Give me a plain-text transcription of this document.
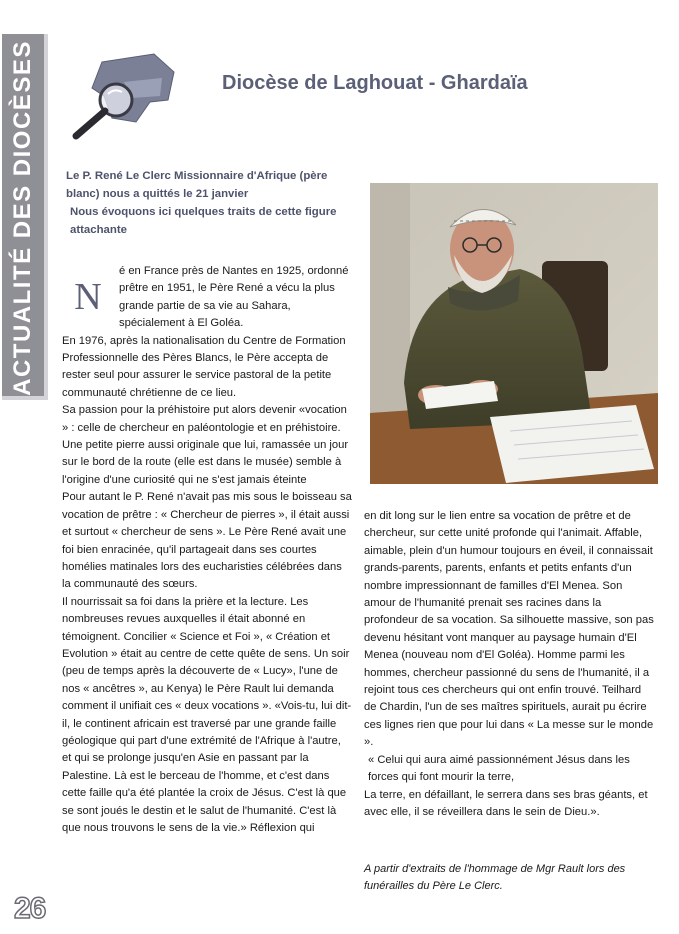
ACTUALITÉ DES DIOCÈSES	Diocèse de Laghouat - Ghardaïa

Le P. René Le Clerc Missionnaire d'Afrique (père blanc) nous a quittés le 21 janvier

Nous évoquons ici quelques traits de cette figure attachante

N

é en France près de Nantes en 1925, ordonné prêtre en 1951, le Père René a vécu la plus grande partie de sa vie au Sahara, spécialement à El Goléa.

En 1976, après la nationalisation du Centre de Formation Professionnelle des Pères Blancs, le Père accepta de rester seul pour assurer le service pastoral de la petite communauté chrétienne de ce lieu.

Sa passion pour la préhistoire put alors devenir «vocation » : celle de chercheur en paléontologie et en préhistoire. Une petite pierre aussi originale que lui, ramassée un jour sur le bord de la route (elle est dans le musée) semble à l'origine d'une curiosité qui ne s'est jamais éteinte

Pour autant le P. René n'avait pas mis sous le boisseau sa vocation de prêtre : « Chercheur de pierres », il était aussi et surtout « chercheur de sens ». Le Père René avait une foi bien enracinée, qu'il partageait dans ses courtes homélies matinales lors des eucharisties célébrées dans la communauté des sœurs.

Il nourrissait sa foi dans la prière et la lecture. Les nombreuses revues auxquelles il était abonné en témoignent. Concilier « Science et Foi », « Création et Evolution » était au centre de cette quête de sens. Un soir (peu de temps après la découverte de « Lucy», l'une de nos « ancêtres », au Kenya) le Père Rault lui demanda comment il unifiait ces « deux vocations ». «Vois-tu, lui dit-il, le continent africain est traversé par une grande faille géologique qui part d'une extrémité de l'Afrique à l'autre, et qui se prolonge jusqu'en Asie en passant par la Palestine. Là est le berceau de l'homme, et c'est dans cette faille qu'a été plantée la croix de Jésus. C'est là que se sont joués le destin et le salut de l'humanité. C'est là que nous trouvons le sens de la vie.» Réflexion qui

en dit long sur le lien entre sa vocation de prêtre et de chercheur, sur cette unité profonde qui l'animait. Affable, aimable, plein d'un humour toujours en éveil, il connaissait grands-parents, parents, enfants et petits enfants d'un nombre impressionnant de familles d'El Menea. Son amour de l'humanité prenait ses racines dans la profondeur de sa vocation. Sa silhouette massive, son pas devenu hésitant vont manquer au paysage humain d'El Menea (nouveau nom d'El Goléa). Homme parmi les hommes, chercheur passionné du sens de l'humanité, il a rejoint tous ces chercheurs qui ont enfin trouvé. Teilhard de Chardin, l'un de ses maîtres spirituels, aurait pu écrire ces lignes rien que pour lui dans « La messe sur le monde ».

« Celui qui aura aimé passionnément Jésus dans les forces qui font mourir la terre,

La terre, en défaillant, le serrera dans ses bras géants, et avec elle, il se réveillera dans le sein de Dieu.».

A partir d'extraits de l'hommage de Mgr Rault lors des funérailles du Père Le Clerc.
26
